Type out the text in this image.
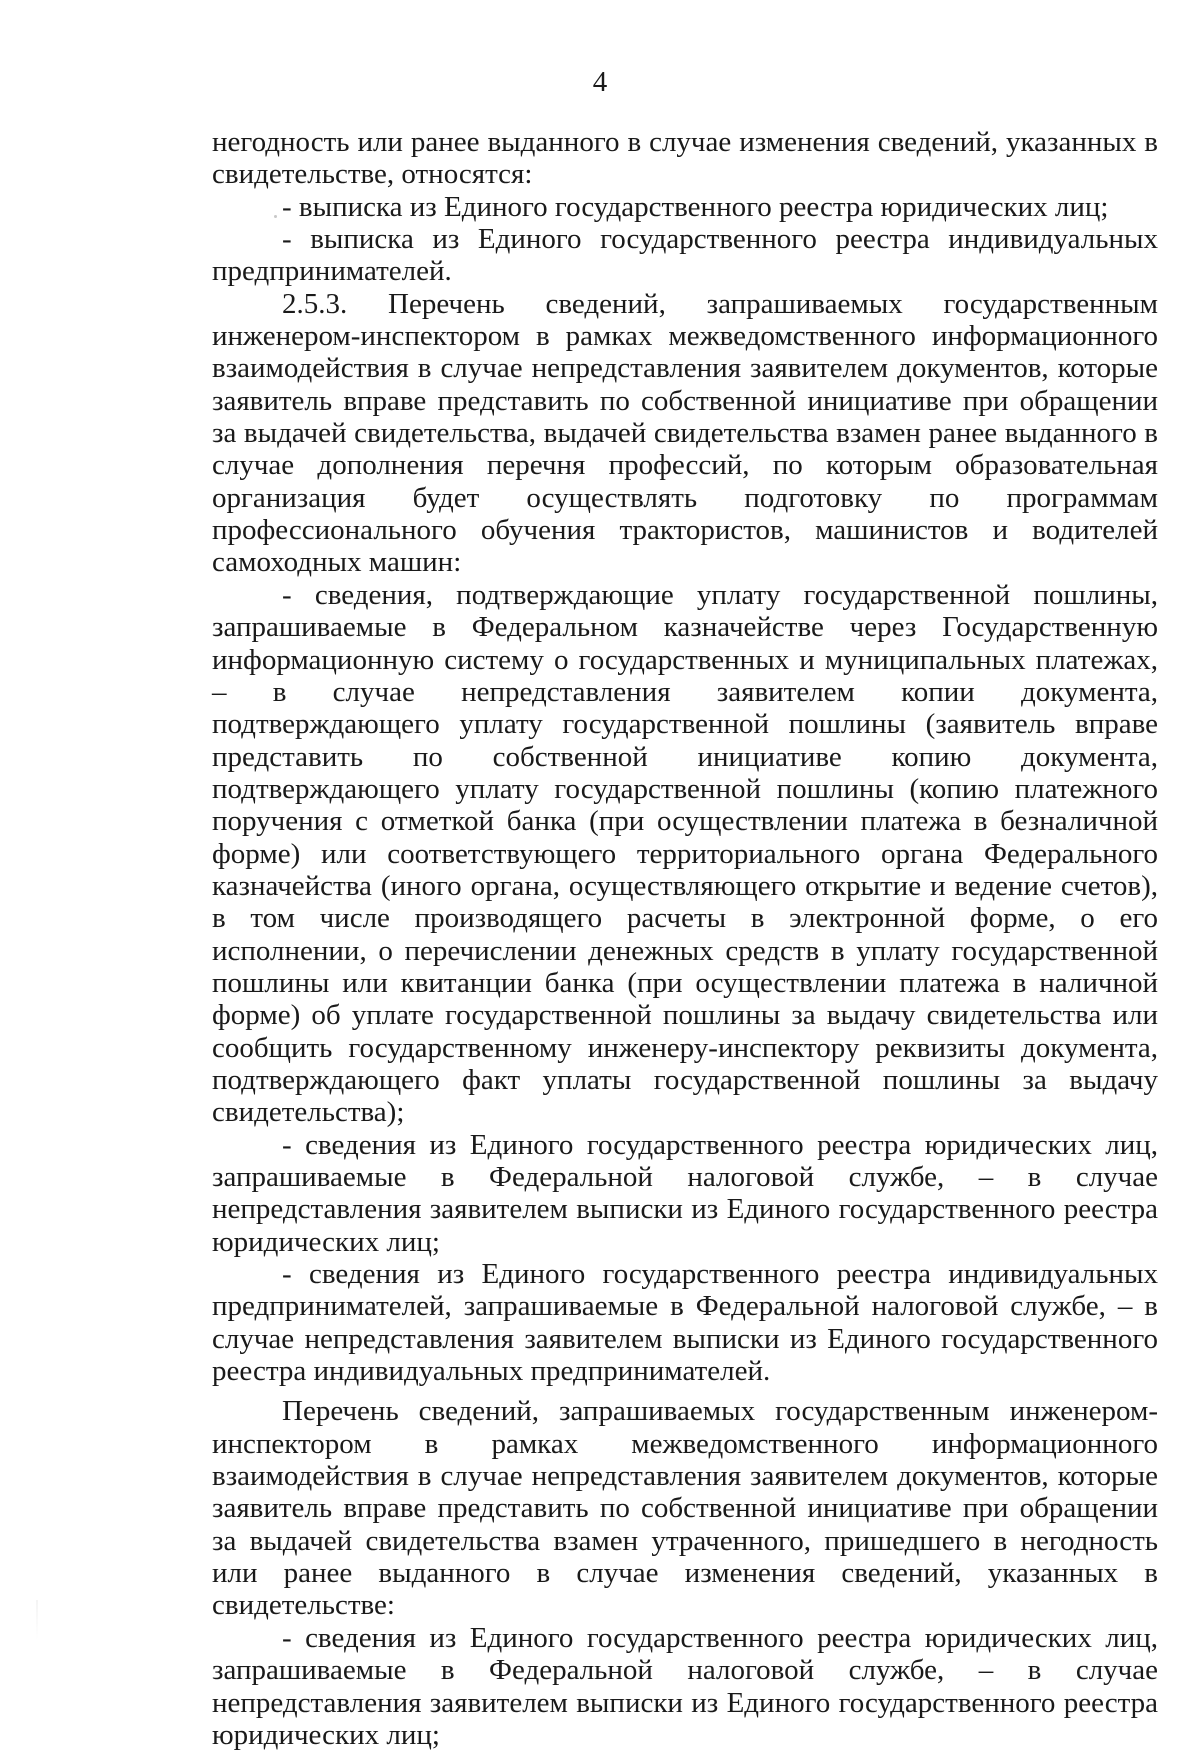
4

негодность или ранее выданного в случае изменения сведений, указанных в свидетельстве, относятся:

- выписка из Единого государственного реестра юридических лиц;

- выписка из Единого государственного реестра индивидуальных предпринимателей.

2.5.3. Перечень сведений, запрашиваемых государственным инженером-инспектором в рамках межведомственного информационного взаимодействия в случае непредставления заявителем документов, которые заявитель вправе представить по собственной инициативе при обращении за выдачей свидетельства, выдачей свидетельства взамен ранее выданного в случае дополнения перечня профессий, по которым образовательная организация будет осуществлять подготовку по программам профессионального обучения трактористов, машинистов и водителей самоходных машин:

- сведения, подтверждающие уплату государственной пошлины, запрашиваемые в Федеральном казначействе через Государственную информационную систему о государственных и муниципальных платежах, – в случае непредставления заявителем копии документа, подтверждающего уплату государственной пошлины (заявитель вправе представить по собственной инициативе копию документа, подтверждающего уплату государственной пошлины (копию платежного поручения с отметкой банка (при осуществлении платежа в безналичной форме) или соответствующего территориального органа Федерального казначейства (иного органа, осуществляющего открытие и ведение счетов), в том числе производящего расчеты в электронной форме, о его исполнении, о перечислении денежных средств в уплату государственной пошлины или квитанции банка (при осуществлении платежа в наличной форме) об уплате государственной пошлины за выдачу свидетельства или сообщить государственному инженеру-инспектору реквизиты документа, подтверждающего факт уплаты государственной пошлины за выдачу свидетельства);

- сведения из Единого государственного реестра юридических лиц, запрашиваемые в Федеральной налоговой службе, – в случае непредставления заявителем выписки из Единого государственного реестра юридических лиц;

- сведения из Единого государственного реестра индивидуальных предпринимателей, запрашиваемые в Федеральной налоговой службе, – в случае непредставления заявителем выписки из Единого государственного реестра индивидуальных предпринимателей.

Перечень сведений, запрашиваемых государственным инженером-инспектором в рамках межведомственного информационного взаимодействия в случае непредставления заявителем документов, которые заявитель вправе представить по собственной инициативе при обращении за выдачей свидетельства взамен утраченного, пришедшего в негодность или ранее выданного в случае изменения сведений, указанных в свидетельстве:

- сведения из Единого государственного реестра юридических лиц, запрашиваемые в Федеральной налоговой службе, – в случае непредставления заявителем выписки из Единого государственного реестра юридических лиц;
